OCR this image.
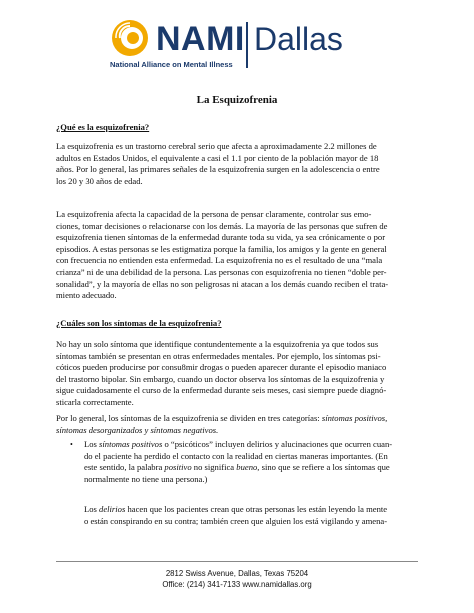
NAMI Dallas
National Alliance on Mental Illness
La Esquizofrenia
¿Qué es la esquizofrenia?

La esquizofrenia es un trastorno cerebral serio que afecta a aproximadamente 2.2 millones de
adultos en Estados Unidos, el equivalente a casi el 1.1 por ciento de la población mayor de 18
años. Por lo general, las primares señales de la esquizofrenia surgen en la adolescencia o entre
los 20 y 30 años de edad.

La esquizofrenia afecta la capacidad de la persona de pensar claramente, controlar sus emo-
ciones, tomar decisiones o relacionarse con los demás. La mayoría de las personas que sufren de
esquizofrenia tienen síntomas de la enfermedad durante toda su vida, ya sea crónicamente o por
episodios. A estas personas se les estigmatiza porque la familia, los amigos y la gente en general
con frecuencia no entienden esta enfermedad. La esquizofrenia no es el resultado de una “mala
crianza” ni de una debilidad de la persona. Las personas con esquizofrenia no tienen “doble per-
sonalidad”, y la mayoría de ellas no son peligrosas ni atacan a los demás cuando reciben el trata-
miento adecuado.

¿Cuáles son los síntomas de la esquizofrenia?

No hay un solo síntoma que identifique contundentemente a la esquizofrenia ya que todos sus
síntomas también se presentan en otras enfermedades mentales. Por ejemplo, los síntomas psi-
cóticos pueden producirse por consu8mir drogas o pueden aparecer durante el episodio maniaco
del trastorno bipolar. Sin embargo, cuando un doctor observa los síntomas de la esquizofrenia y
sigue cuidadosamente el curso de la enfermedad durante seis meses, casi siempre puede diagnó-
sticarla correctamente.

Por lo general, los síntomas de la esquizofrenia se dividen en tres categorías: síntomas positivos,
síntomas desorganizados y síntomas negativos.

• Los síntomas positivos o “psicóticos” incluyen delirios y alucinaciones que ocurren cuan-
do el paciente ha perdido el contacto con la realidad en ciertas maneras importantes. (En
este sentido, la palabra positivo no significa bueno, sino que se refiere a los síntomas que
normalmente no tiene una persona.)

Los delirios hacen que los pacientes crean que otras personas les están leyendo la mente
o están conspirando en su contra; también creen que alguien los está vigilando y amena-

2812 Swiss Avenue, Dallas, Texas 75204
Office: (214) 341-7133 www.namidallas.org
